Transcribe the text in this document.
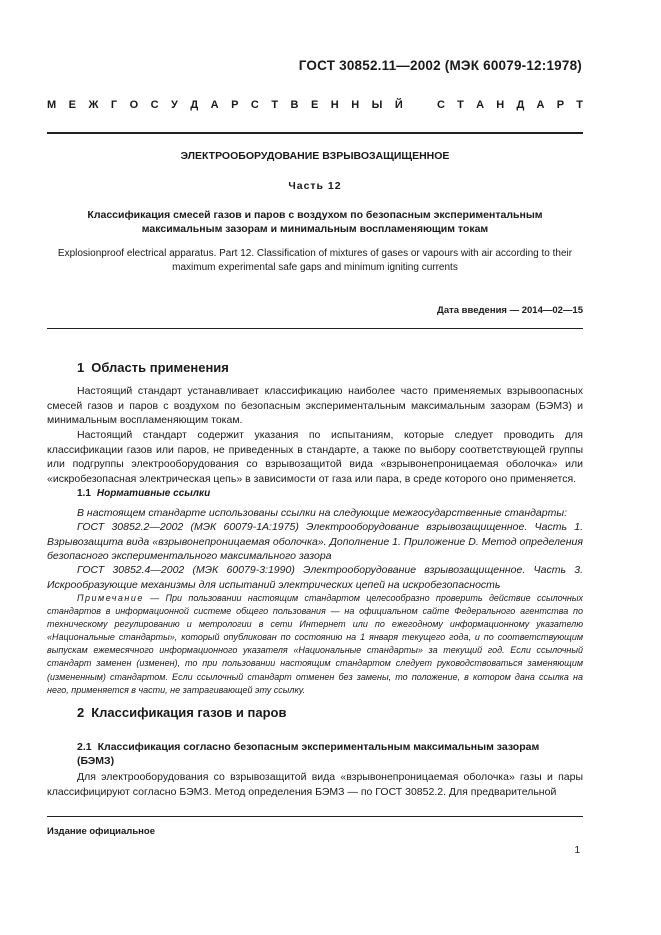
ГОСТ 30852.11—2002 (МЭК 60079-12:1978)
М Е Ж Г О С У Д А Р С Т В Е Н Н Ы Й	С Т А Н Д А Р Т
ЭЛЕКТРООБОРУДОВАНИЕ ВЗРЫВОЗАЩИЩЕННОЕ
Часть 12
Классификация смесей газов и паров с воздухом по безопасным экспериментальным
максимальным зазорам и минимальным воспламеняющим токам
Explosionproof electrical apparatus. Part 12. Classification of mixtures of gases or vapours with air according to their
maximum experimental safe gaps and minimum igniting currents
Дата введения — 2014—02—15
1 Область применения
Настоящий стандарт устанавливает классификацию наиболее часто применяемых взрывоопасных смесей газов и паров с воздухом по безопасным экспериментальным максимальным зазорам (БЭМЗ) и минимальным воспламеняющим токам.
Настоящий стандарт содержит указания по испытаниям, которые следует проводить для классификации газов или паров, не приведенных в стандарте, а также по выбору соответствующей группы или подгруппы электрооборудования со взрывозащитой вида «взрывонепроницаемая оболочка» или «искробезопасная электрическая цепь» в зависимости от газа или пара, в среде которого оно применяется.
1.1 Нормативные ссылки
В настоящем стандарте использованы ссылки на следующие межгосударственные стандарты:
ГОСТ 30852.2—2002 (МЭК 60079-1А:1975) Электрооборудование взрывозащищенное. Часть 1. Взрывозащита вида «взрывонепроницаемая оболочка». Дополнение 1. Приложение D. Метод определения безопасного экспериментального максимального зазора
ГОСТ 30852.4—2002 (МЭК 60079-3:1990) Электрооборудование взрывозащищенное. Часть 3. Искрообразующие механизмы для испытаний электрических цепей на искробезопасность
Примечание — При пользовании настоящим стандартом целесообразно проверить действие ссылочных стандартов в информационной системе общего пользования — на официальном сайте Федерального агентства по техническому регулированию и метрологии в сети Интернет или по ежегодному информационному указателю «Национальные стандарты», который опубликован по состоянию на 1 января текущего года, и по соответствующим выпускам ежемесячного информационного указателя «Национальные стандарты» за текущий год. Если ссылочный стандарт заменен (изменен), то при пользовании настоящим стандартом следует руководствоваться заменяющим (измененным) стандартом. Если ссылочный стандарт отменен без замены, то положение, в котором дана ссылка на него, применяется в части, не затрагивающей эту ссылку.
2 Классификация газов и паров
2.1 Классификация согласно безопасным экспериментальным максимальным зазорам
(БЭМЗ)
Для электрооборудования со взрывозащитой вида «взрывонепроницаемая оболочка» газы и пары классифицируют согласно БЭМЗ. Метод определения БЭМЗ — по ГОСТ 30852.2. Для предварительной
Издание официальное
1
